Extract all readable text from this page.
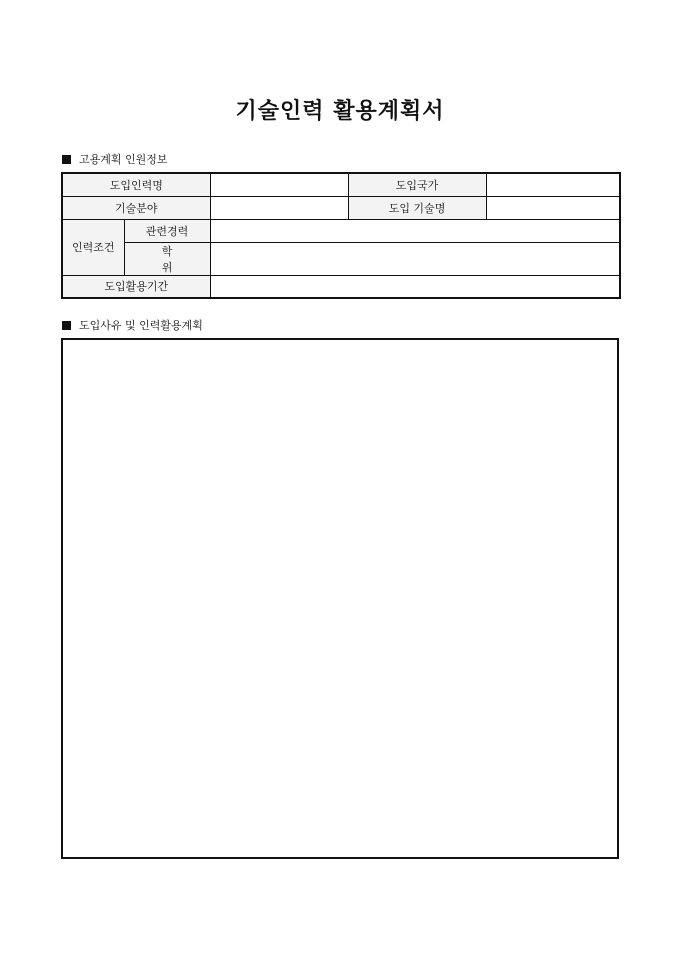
기술인력 활용계획서
고용계획 인원정보
도입인력명			도입국가	
기술분야			도입 기술명	
인력조건	관련경력			
	학위			
도입활용기간				
도입사유 및 인력활용계획
